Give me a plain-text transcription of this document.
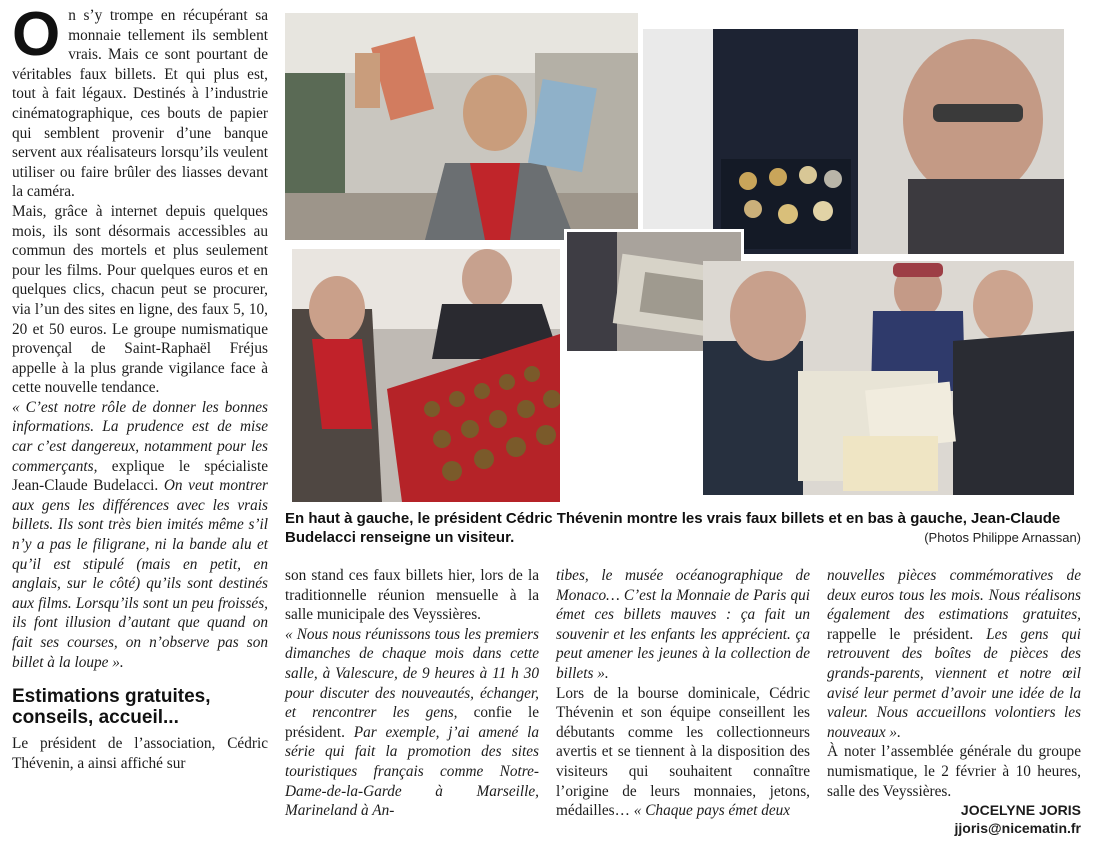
O n s’y trompe en récupérant sa monnaie tellement ils semblent vrais. Mais ce sont pourtant de véritables faux billets. Et qui plus est, tout à fait légaux. Destinés à l’industrie cinématographique, ces bouts de papier qui semblent provenir d’une banque servent aux réalisateurs lorsqu’ils veulent utiliser ou faire brûler des liasses devant la caméra.

Mais, grâce à internet depuis quelques mois, ils sont désormais accessibles au commun des mortels et plus seulement pour les films. Pour quelques euros et en quelques clics, chacun peut se procurer, via l’un des sites en ligne, des faux 5, 10, 20 et 50 euros. Le groupe numismatique provençal de Saint-Raphaël Fréjus appelle à la plus grande vigilance face à cette nouvelle tendance.

« C’est notre rôle de donner les bonnes informations. La prudence est de mise car c’est dangereux, notamment pour les commerçants, explique le spécialiste Jean-Claude Budelacci. On veut montrer aux gens les différences avec les vrais billets. Ils sont très bien imités même s’il n’y a pas le filigrane, ni la bande alu et qu’il est stipulé (mais en petit, en anglais, sur le côté) qu’ils sont destinés aux films. Lorsqu’ils sont un peu froissés, ils font illusion d’autant que quand on fait ses courses, on n’observe pas son billet à la loupe ».

Estimations gratuites, conseils, accueil...

Le président de l’association, Cédric Thévenin, a ainsi affiché sur

En haut à gauche, le président Cédric Thévenin montre les vrais faux billets et en bas à gauche, Jean-Claude Budelacci renseigne un visiteur.	(Photos Philippe Arnassan)

son stand ces faux billets hier, lors de la traditionnelle réunion mensuelle à la salle municipale des Veyssières.

« Nous nous réunissons tous les premiers dimanches de chaque mois dans cette salle, à Valescure, de 9 heures à 11 h 30 pour discuter des nouveautés, échanger, et rencontrer les gens, confie le président. Par exemple, j’ai amené la série qui fait la promotion des sites touristiques français comme Notre-Dame-de-la-Garde à Marseille, Marineland à An-

tibes, le musée océanographique de Monaco… C’est la Monnaie de Paris qui émet ces billets mauves : ça fait un souvenir et les enfants les apprécient. ça peut amener les jeunes à la collection de billets ».

Lors de la bourse dominicale, Cédric Thévenin et son équipe conseillent les débutants comme les collectionneurs avertis et se tiennent à la disposition des visiteurs qui souhaitent connaître l’origine de leurs monnaies, jetons, médailles… « Chaque pays émet deux

nouvelles pièces commémoratives de deux euros tous les mois. Nous réalisons également des estimations gratuites, rappelle le président. Les gens qui retrouvent des boîtes de pièces des grands-parents, viennent et notre œil avisé leur permet d’avoir une idée de la valeur. Nous accueillons volontiers les nouveaux ».

À noter l’assemblée générale du groupe numismatique, le 2 février à 10 heures, salle des Veyssières.

JOCELYNE JORIS
jjoris@nicematin.fr
